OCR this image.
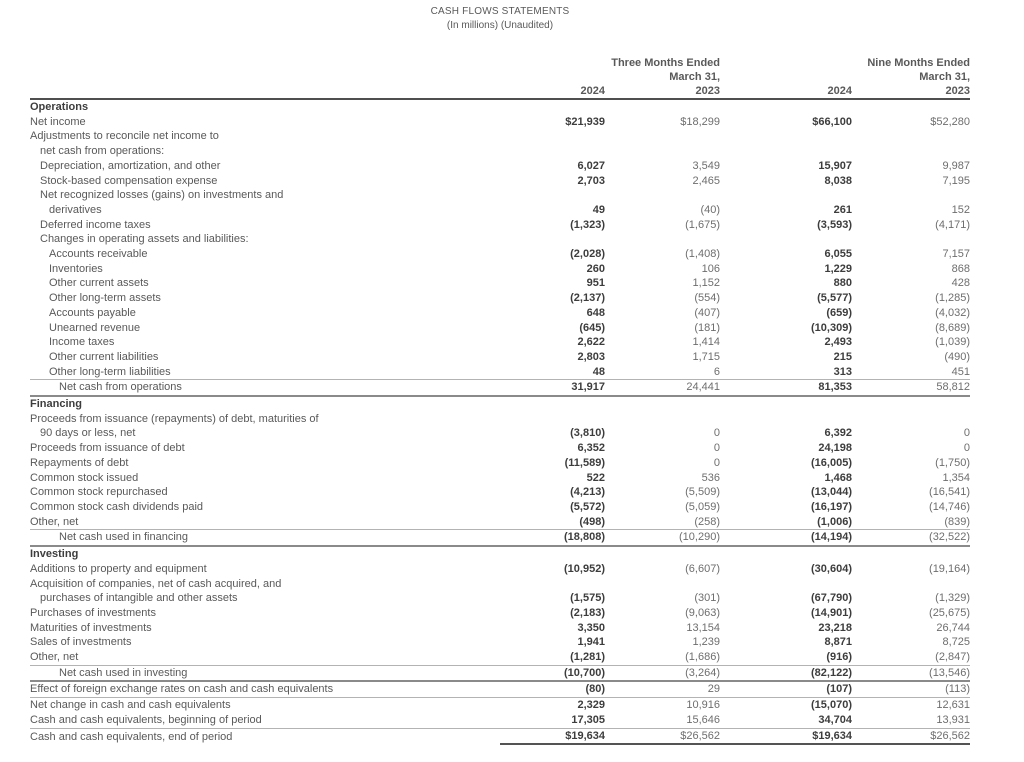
CASH FLOWS STATEMENTS
(In millions) (Unaudited)
	Three Months Ended		Nine Months Ended	
	March 31,		March 31,	
	2024	2023	2024	2023
Operations				
Net income	$21,939	$18,299	$66,100	$52,280
Adjustments to reconcile net income to				
net cash from operations:				
Depreciation, amortization, and other	6,027	3,549	15,907	9,987
Stock-based compensation expense	2,703	2,465	8,038	7,195
Net recognized losses (gains) on investments and				
derivatives	49	(40)	261	152
Deferred income taxes	(1,323)	(1,675)	(3,593)	(4,171)
Changes in operating assets and liabilities:				
Accounts receivable	(2,028)	(1,408)	6,055	7,157
Inventories	260	106	1,229	868
Other current assets	951	1,152	880	428
Other long-term assets	(2,137)	(554)	(5,577)	(1,285)
Accounts payable	648	(407)	(659)	(4,032)
Unearned revenue	(645)	(181)	(10,309)	(8,689)
Income taxes	2,622	1,414	2,493	(1,039)
Other current liabilities	2,803	1,715	215	(490)
Other long-term liabilities	48	6	313	451
Net cash from operations	31,917	24,441	81,353	58,812
Financing				
Proceeds from issuance (repayments) of debt, maturities of				
90 days or less, net	(3,810)	0	6,392	0
Proceeds from issuance of debt	6,352	0	24,198	0
Repayments of debt	(11,589)	0	(16,005)	(1,750)
Common stock issued	522	536	1,468	1,354
Common stock repurchased	(4,213)	(5,509)	(13,044)	(16,541)
Common stock cash dividends paid	(5,572)	(5,059)	(16,197)	(14,746)
Other, net	(498)	(258)	(1,006)	(839)
Net cash used in financing	(18,808)	(10,290)	(14,194)	(32,522)
Investing				
Additions to property and equipment	(10,952)	(6,607)	(30,604)	(19,164)
Acquisition of companies, net of cash acquired, and				
purchases of intangible and other assets	(1,575)	(301)	(67,790)	(1,329)
Purchases of investments	(2,183)	(9,063)	(14,901)	(25,675)
Maturities of investments	3,350	13,154	23,218	26,744
Sales of investments	1,941	1,239	8,871	8,725
Other, net	(1,281)	(1,686)	(916)	(2,847)
Net cash used in investing	(10,700)	(3,264)	(82,122)	(13,546)
Effect of foreign exchange rates on cash and cash equivalents	(80)	29	(107)	(113)
Net change in cash and cash equivalents	2,329	10,916	(15,070)	12,631
Cash and cash equivalents, beginning of period	17,305	15,646	34,704	13,931
Cash and cash equivalents, end of period	$19,634	$26,562	$19,634	$26,562
